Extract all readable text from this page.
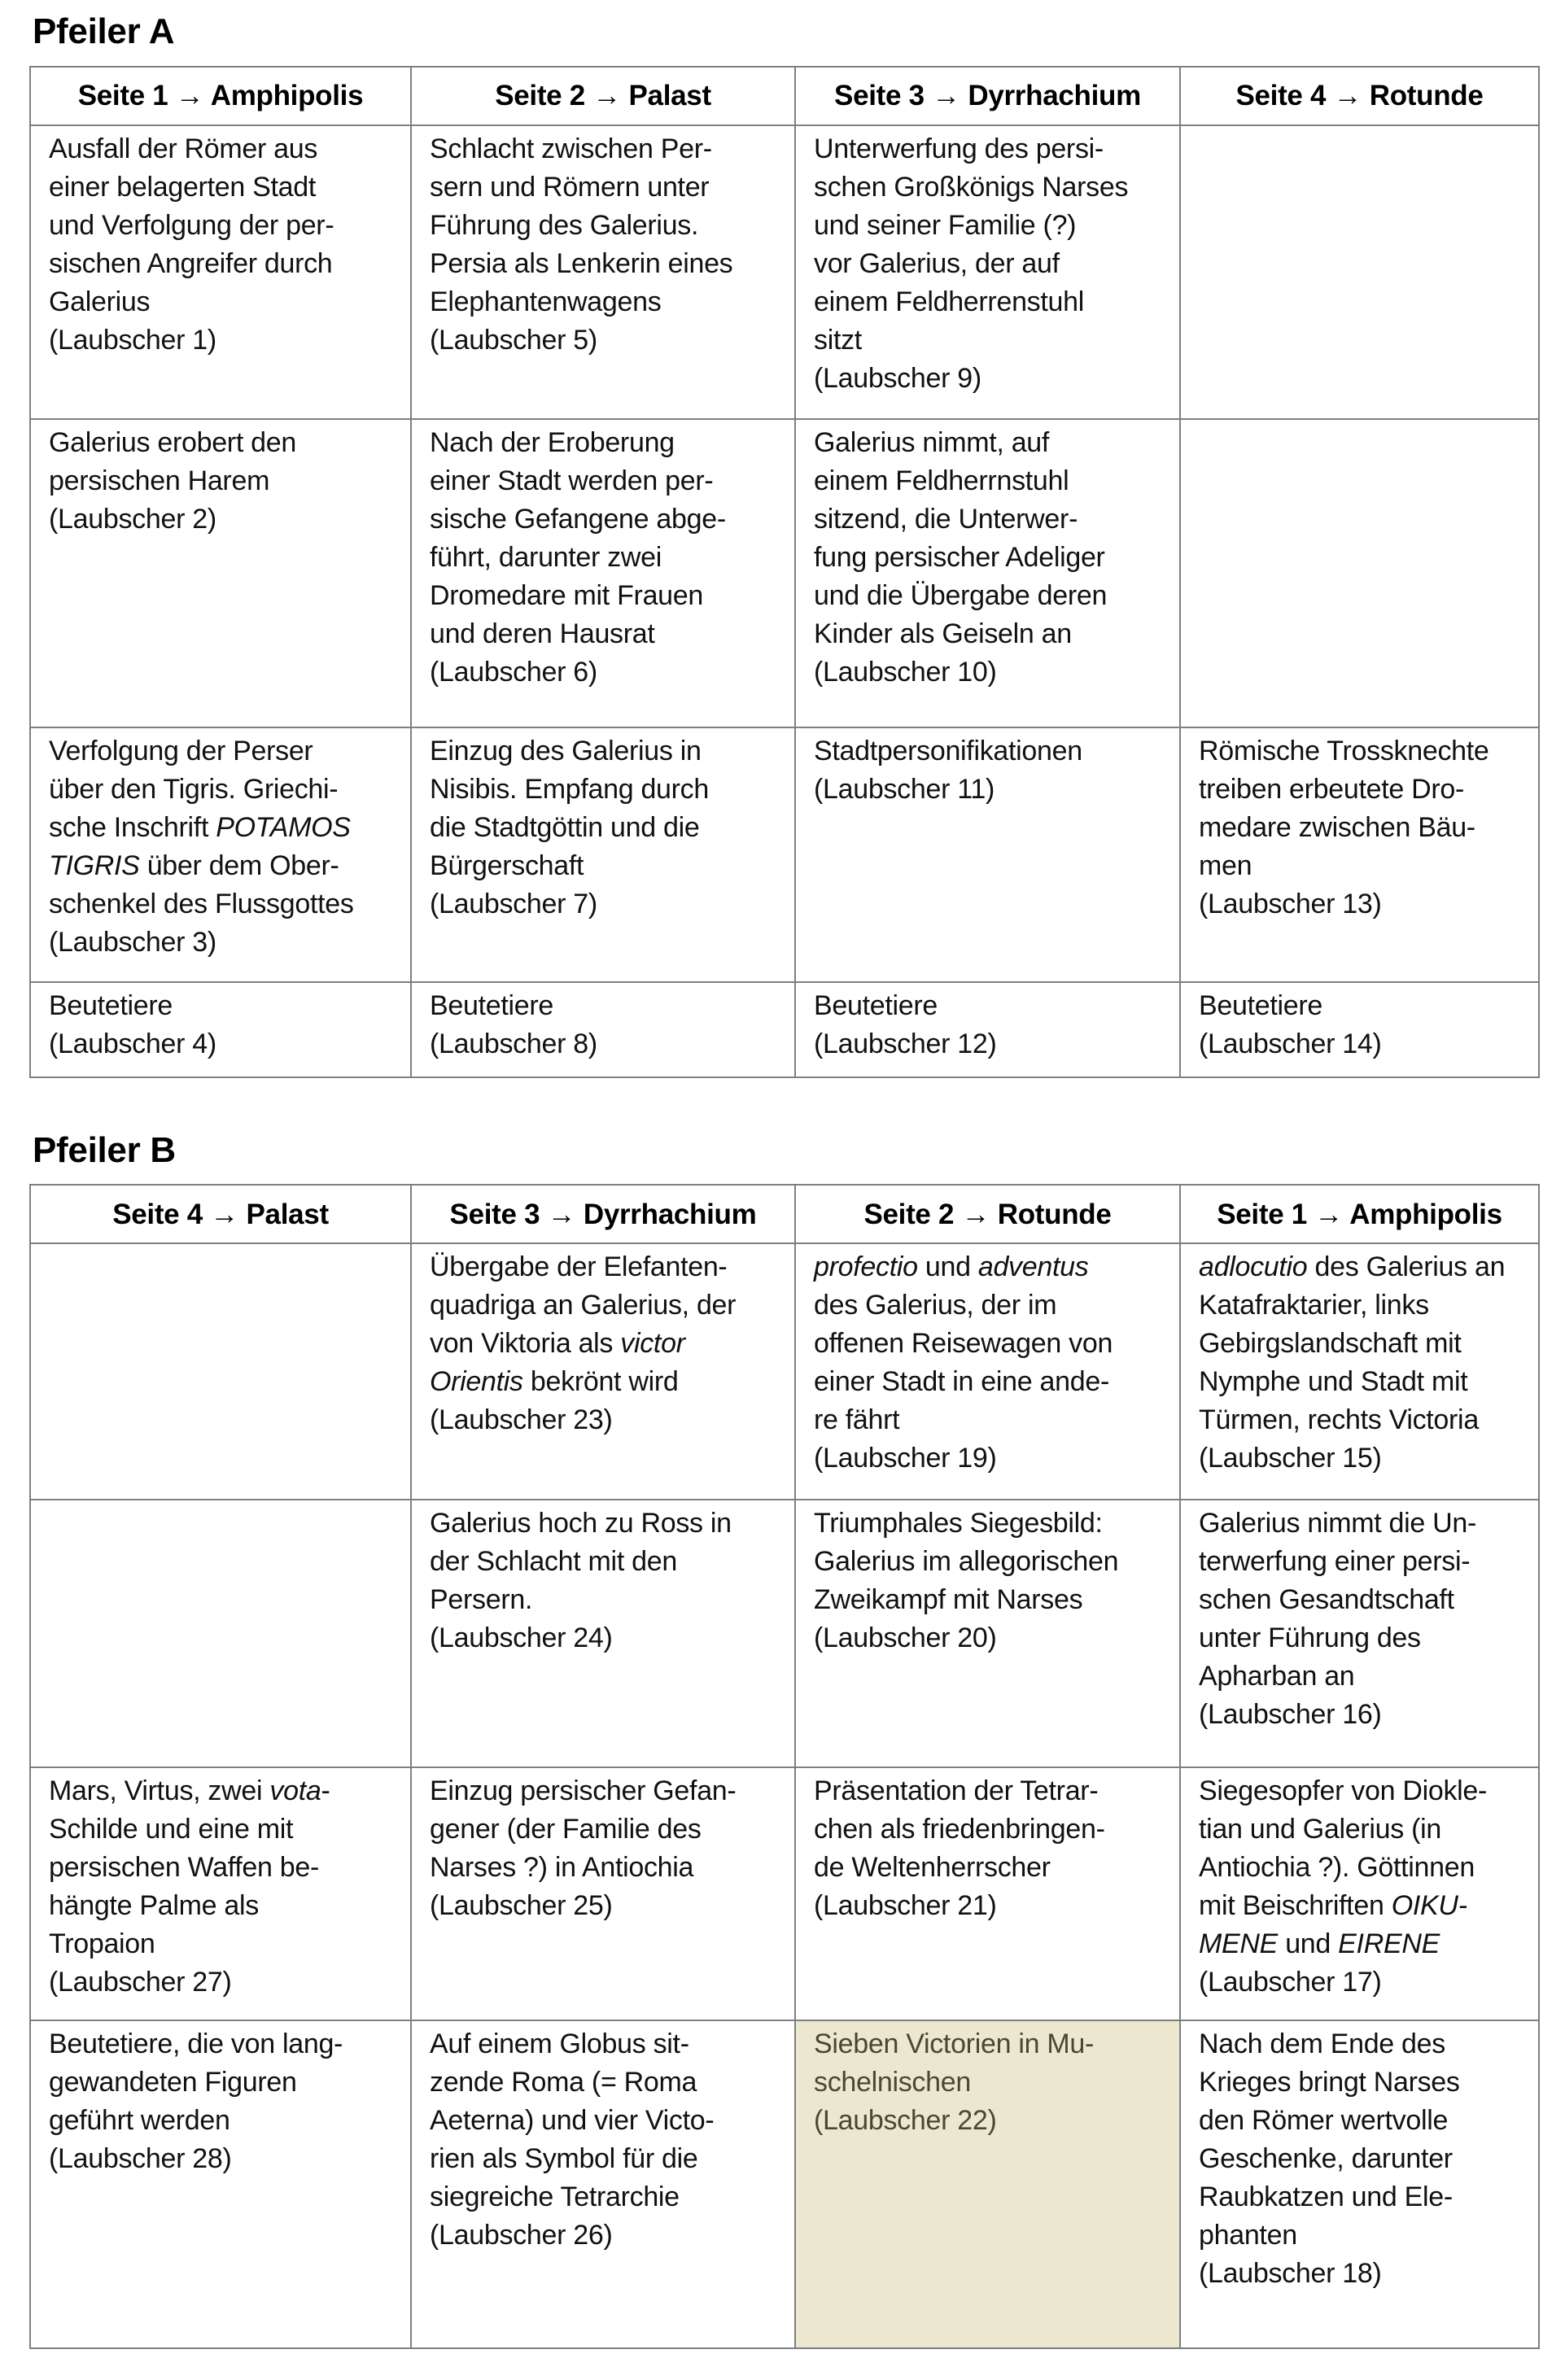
Pfeiler A
Seite 1 → Amphipolis	Seite 2 → Palast	Seite 3 → Dyrrhachium	Seite 4 → Rotunde
Ausfall der Römer aus
einer belagerten Stadt
und Verfolgung der per-
sischen Angreifer durch
Galerius
(Laubscher 1)	Schlacht zwischen Per-
sern und Römern unter
Führung des Galerius.
Persia als Lenkerin eines
Elephantenwagens
(Laubscher 5)	Unterwerfung des persi-
schen Großkönigs Narses
und seiner Familie (?)
vor Galerius, der auf
einem Feldherrenstuhl
sitzt
(Laubscher 9)	
Galerius erobert den
persischen Harem
(Laubscher 2)	Nach der Eroberung
einer Stadt werden per-
sische Gefangene abge-
führt, darunter zwei
Dromedare mit Frauen
und deren Hausrat
(Laubscher 6)	Galerius nimmt, auf
einem Feldherrnstuhl
sitzend, die Unterwer-
fung persischer Adeliger
und die Übergabe deren
Kinder als Geiseln an
(Laubscher 10)	
Verfolgung der Perser
über den Tigris. Griechi-
sche Inschrift POTAMOS
TIGRIS über dem Ober-
schenkel des Flussgottes
(Laubscher 3)	Einzug des Galerius in
Nisibis. Empfang durch
die Stadtgöttin und die
Bürgerschaft
(Laubscher 7)	Stadtpersonifikationen
(Laubscher 11)	Römische Trossknechte
treiben erbeutete Dro-
medare zwischen Bäu-
men
(Laubscher 13)
Beutetiere
(Laubscher 4)	Beutetiere
(Laubscher 8)	Beutetiere
(Laubscher 12)	Beutetiere
(Laubscher 14)
Pfeiler B
Seite 4 → Palast	Seite 3 → Dyrrhachium	Seite 2 → Rotunde	Seite 1 → Amphipolis
	Übergabe der Elefanten-
quadriga an Galerius, der
von Viktoria als victor
Orientis bekrönt wird
(Laubscher 23)	profectio und adventus
des Galerius, der im
offenen Reisewagen von
einer Stadt in eine ande-
re fährt
(Laubscher 19)	adlocutio des Galerius an
Katafraktarier, links
Gebirgslandschaft mit
Nymphe und Stadt mit
Türmen, rechts Victoria
(Laubscher 15)
	Galerius hoch zu Ross in
der Schlacht mit den
Persern.
(Laubscher 24)	Triumphales Siegesbild:
Galerius im allegorischen
Zweikampf mit Narses
(Laubscher 20)	Galerius nimmt die Un-
terwerfung einer persi-
schen Gesandtschaft
unter Führung des
Apharban an
(Laubscher 16)
Mars, Virtus, zwei vota-
Schilde und eine mit
persischen Waffen be-
hängte Palme als
Tropaion
(Laubscher 27)	Einzug persischer Gefan-
gener (der Familie des
Narses ?) in Antiochia
(Laubscher 25)	Präsentation der Tetrar-
chen als friedenbringen-
de Weltenherrscher
(Laubscher 21)	Siegesopfer von Diokle-
tian und Galerius (in
Antiochia ?). Göttinnen
mit Beischriften OIKU-
MENE und EIRENE
(Laubscher 17)
Beutetiere, die von lang-
gewandeten Figuren
geführt werden
(Laubscher 28)	Auf einem Globus sit-
zende Roma (= Roma
Aeterna) und vier Victo-
rien als Symbol für die
siegreiche Tetrarchie
(Laubscher 26)	Sieben Victorien in Mu-
schelnischen
(Laubscher 22)	Nach dem Ende des
Krieges bringt Narses
den Römer wertvolle
Geschenke, darunter
Raubkatzen und Ele-
phanten
(Laubscher 18)
